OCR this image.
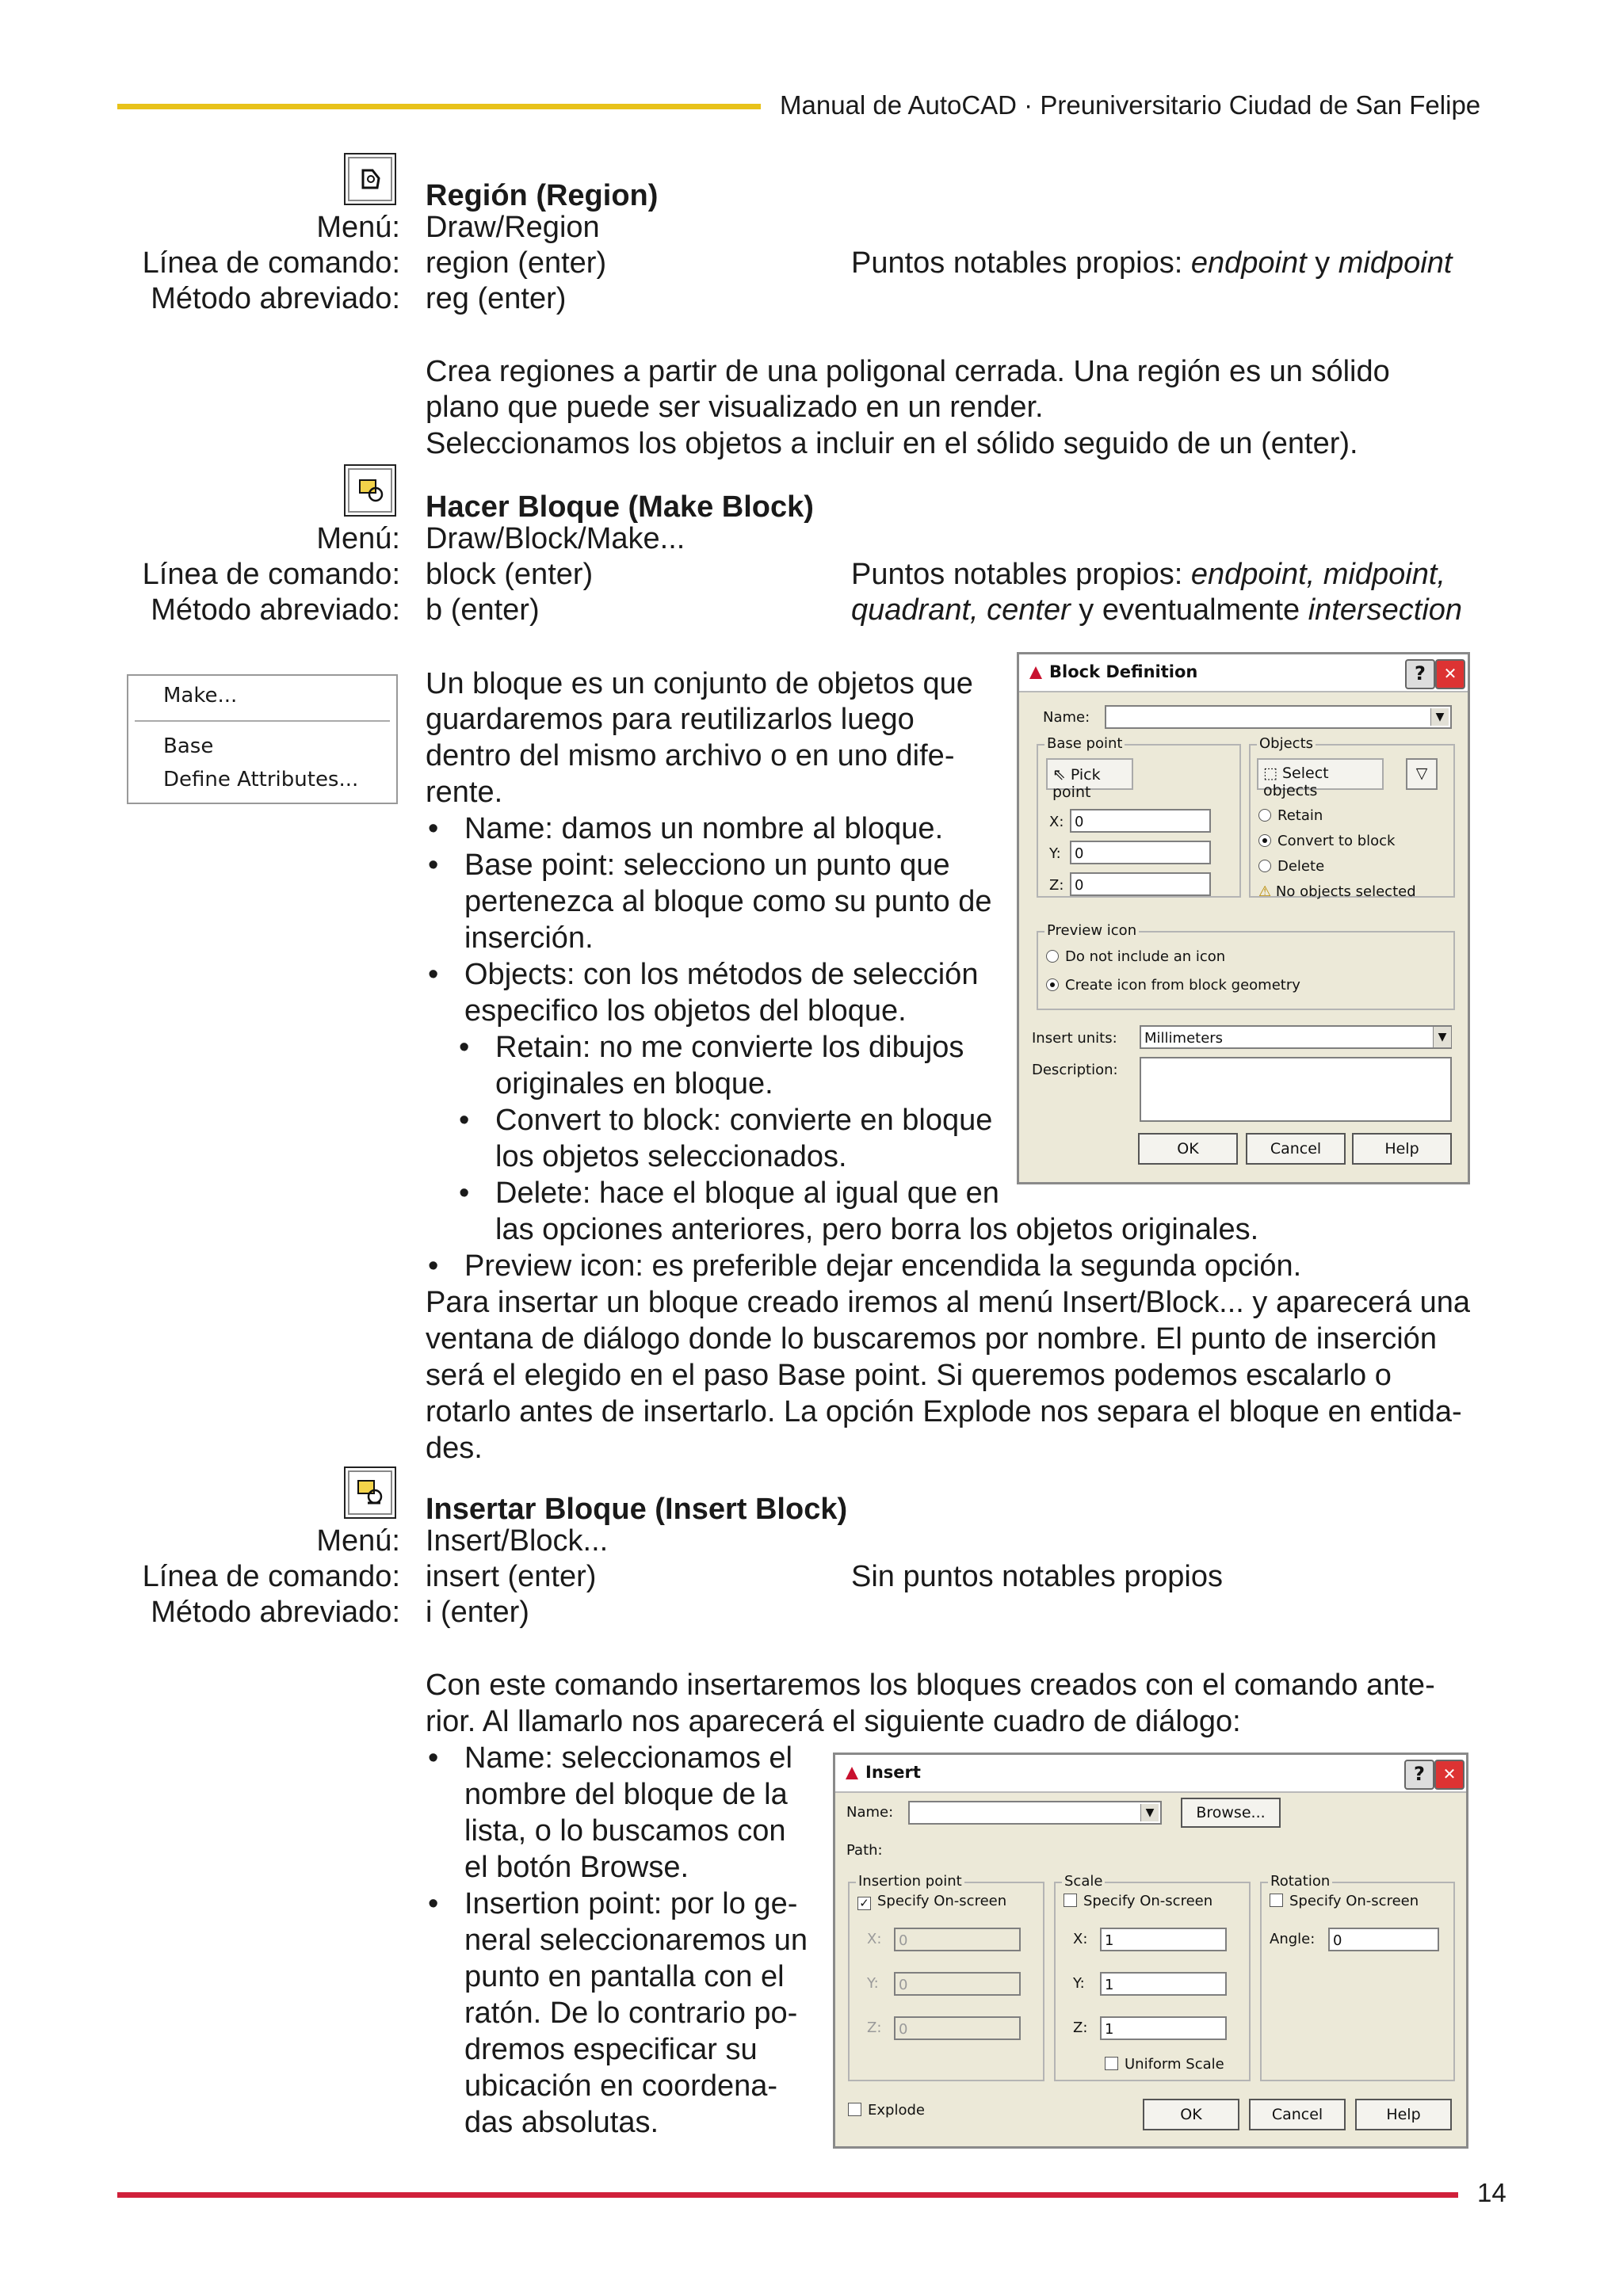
Manual de AutoCAD · Preuniversitario Ciudad de San Felipe
Región (Region)
Menú: Draw/Region
Línea de comando: region (enter)	Puntos notables propios: endpoint y midpoint
Método abreviado: reg (enter)
Crea regiones a partir de una poligonal cerrada. Una región es un sólido
plano que puede ser visualizado en un render.
Seleccionamos los objetos a incluir en el sólido seguido de un (enter).
Hacer Bloque (Make Block)
Menú: Draw/Block/Make...
Línea de comando: block (enter)	Puntos notables propios: endpoint, midpoint,
Método abreviado: b (enter)	quadrant, center y eventualmente intersection
Make...
Base
Define Attributes...
Un bloque es un conjunto de objetos que
guardaremos para reutilizarlos luego
dentro del mismo archivo o en uno dife-
rente.
• Name: damos un nombre al bloque.
• Base point: selecciono un punto que
pertenezca al bloque como su punto de
inserción.
• Objects: con los métodos de selección
especifico los objetos del bloque.
• Retain: no me convierte los dibujos
originales en bloque.
• Convert to block: convierte en bloque
los objetos seleccionados.
• Delete: hace el bloque al igual que en
las opciones anteriores, pero borra los objetos originales.
• Preview icon: es preferible dejar encendida la segunda opción.
Para insertar un bloque creado iremos al menú Insert/Block... y aparecerá una
ventana de diálogo donde lo buscaremos por nombre. El punto de inserción
será el elegido en el paso Base point. Si queremos podemos escalarlo o
rotarlo antes de insertarlo. La opción Explode nos separa el bloque en entida-
des.
Block Definition	?	✕
Name:	▼
Base point
⇖ Pick point
X: 0
Y: 0
Z: 0
Objects
⬚ Select objects
▽
Retain
Convert to block
Delete
⚠ No objects selected
Preview icon
Do not include an icon
Create icon from block geometry
Insert units:	Millimeters	▼
Description:
OK	Cancel	Help
Insertar Bloque (Insert Block)
Menú: Insert/Block...
Línea de comando: insert (enter)	Sin puntos notables propios
Método abreviado: i (enter)
Con este comando insertaremos los bloques creados con el comando ante-
rior. Al llamarlo nos aparecerá el siguiente cuadro de diálogo:
• Name: seleccionamos el
nombre del bloque de la
lista, o lo buscamos con
el botón Browse.
• Insertion point: por lo ge-
neral seleccionaremos un
punto en pantalla con el
ratón. De lo contrario po-
dremos especificar su
ubicación en coordena-
das absolutas.
Insert	?	✕
Name:	▼	Browse...
Path:
Insertion point
✓ Specify On-screen
X:	0
Y:	0
Z:	0
Scale
Specify On-screen
X:	1
Y:	1
Z:	1
Uniform Scale
Rotation
Specify On-screen
Angle:	0
Explode	OK	Cancel	Help
14
